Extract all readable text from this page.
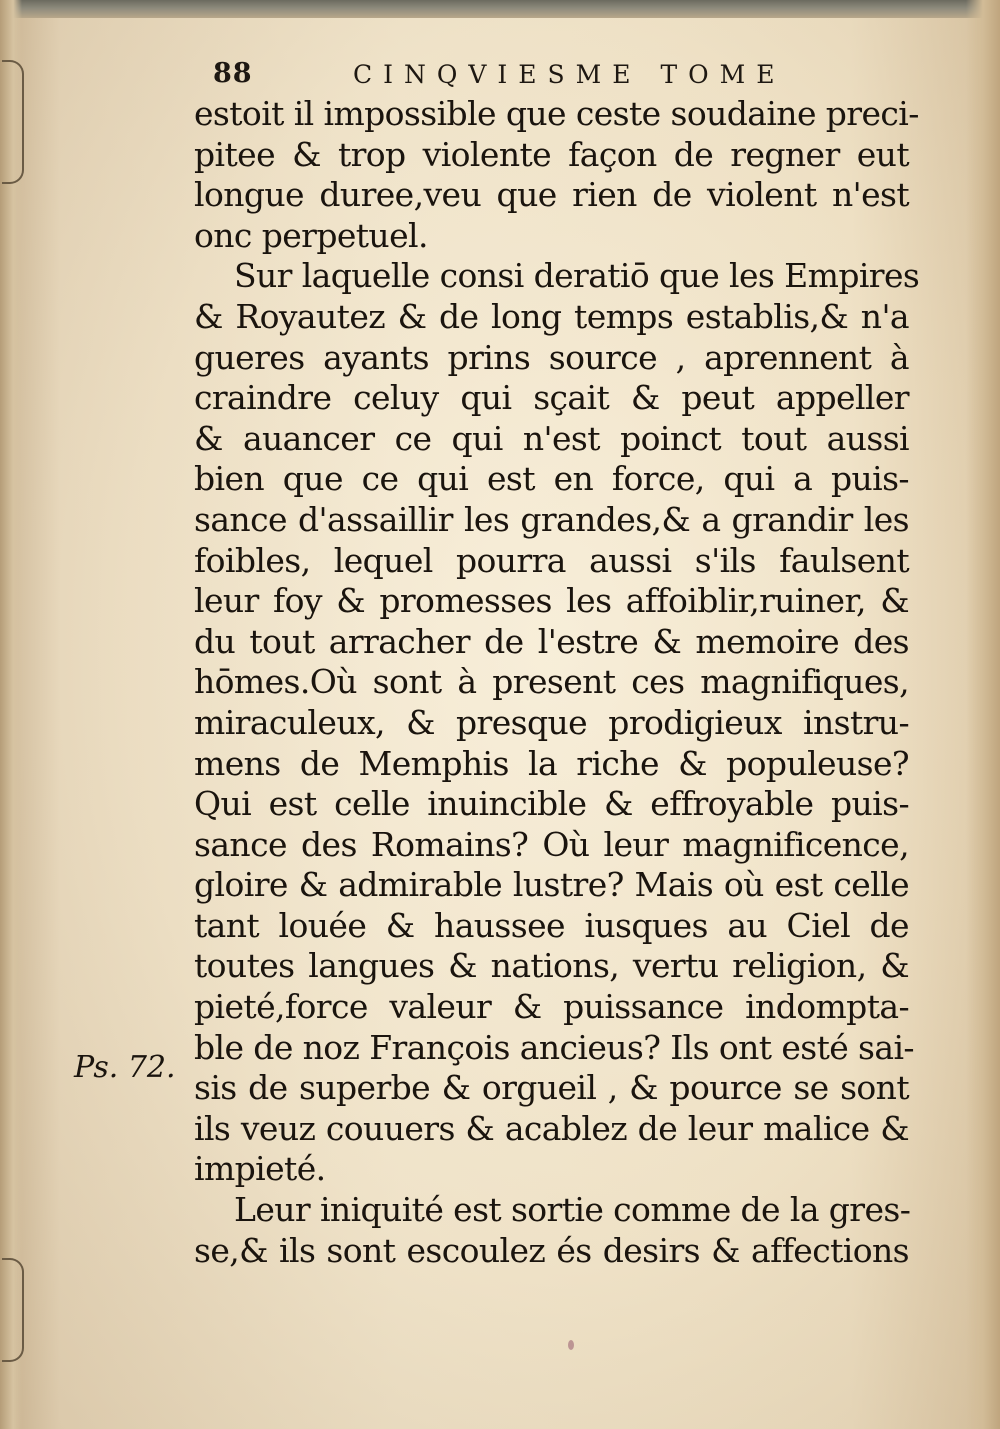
88	CINQVIESME TOME
estoit il impossible que ceste soudaine preci-
pitee & trop violente façon de regner eut
longue duree,veu que rien de violent n'est
onc perpetuel.
Sur laquelle consi deratiō que les Empires
& Royautez & de long temps establis,& n'a
gueres ayants prins source , aprennent à
craindre celuy qui sçait & peut appeller
& auancer ce qui n'est poinct tout aussi
bien que ce qui est en force, qui a puis-
sance d'assaillir les grandes,& a grandir les
foibles, lequel pourra aussi s'ils faulsent
leur foy & promesses les affoiblir,ruiner, &
du tout arracher de l'estre & memoire des
hōmes.Où sont à present ces magnifiques,
miraculeux, & presque prodigieux instru-
mens de Memphis la riche & populeuse?
Qui est celle inuincible & effroyable puis-
sance des Romains? Où leur magnificence,
gloire & admirable lustre? Mais où est celle
tant louée & haussee iusques au Ciel de
toutes langues & nations, vertu religion, &
pieté,force valeur & puissance indompta-
ble de noz François ancieus? Ils ont esté sai-
sis de superbe & orgueil , & pource se sont
ils veuz couuers & acablez de leur malice &
impieté.
Leur iniquité est sortie comme de la gres-
se,& ils sont escoulez és desirs & affections
Ps. 72.
